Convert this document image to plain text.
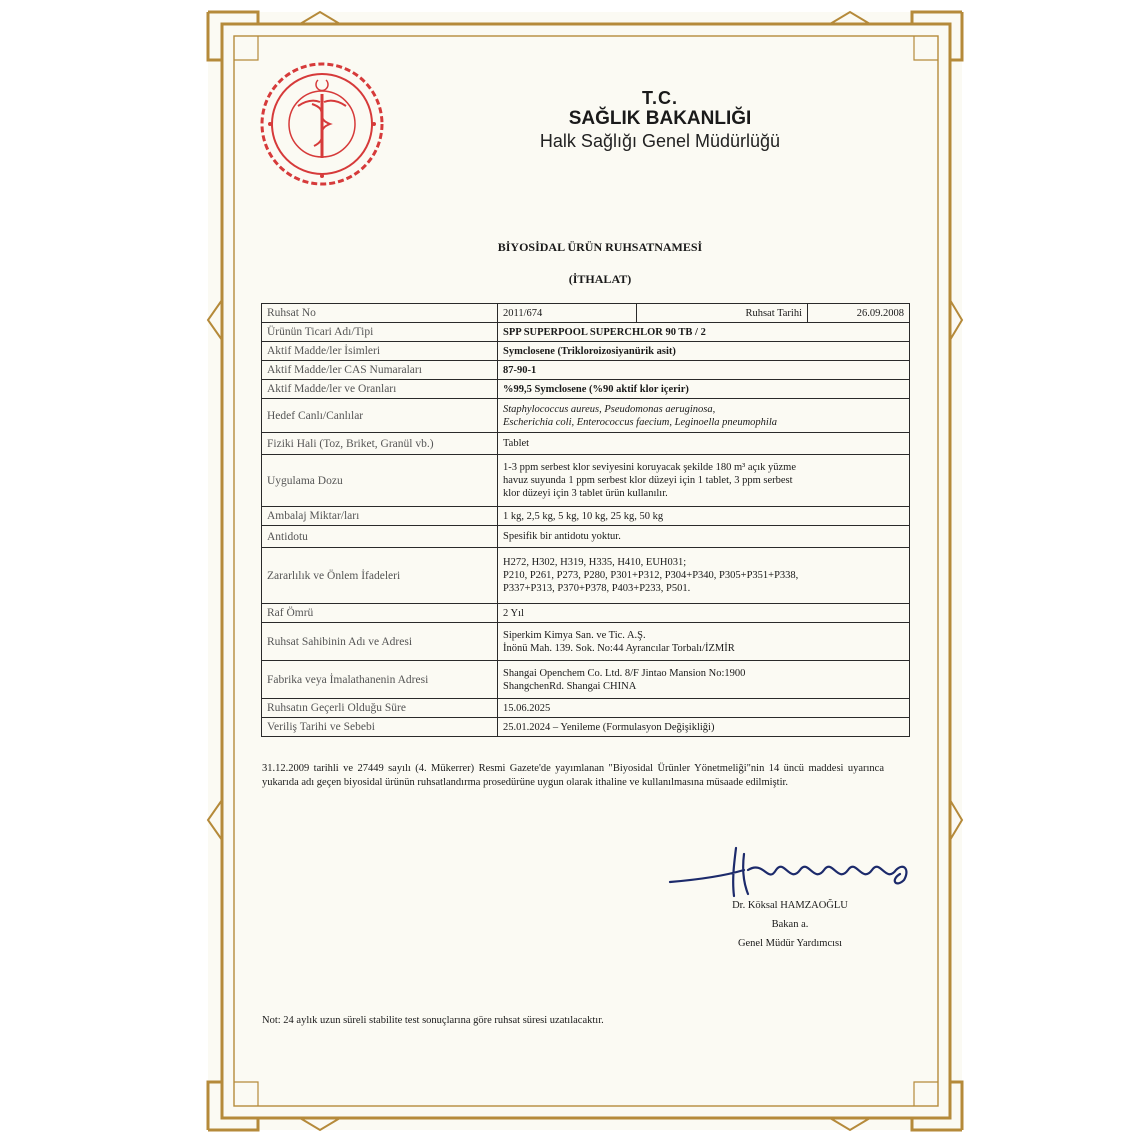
T.C.
SAĞLIK BAKANLIĞI
Halk Sağlığı Genel Müdürlüğü
BİYOSİDAL ÜRÜN RUHSATNAMESİ
(İTHALAT)
Ruhsat No	2011/674	Ruhsat Tarihi	26.09.2008
Ürünün Ticari Adı/Tipi	SPP SUPERPOOL SUPERCHLOR 90 TB / 2		
Aktif Madde/ler İsimleri	Symclosene (Trikloroizosiyanürik asit)		
Aktif Madde/ler CAS Numaraları	87-90-1		
Aktif Madde/ler ve Oranları	%99,5 Symclosene (%90 aktif klor içerir)		
Hedef Canlı/Canlılar	Staphylococcus aureus, Pseudomonas aeruginosa,
Escherichia coli, Enterococcus faecium, Leginoella pneumophila		

Fiziki Hali (Toz, Briket, Granül vb.)	Tablet		
Uygulama Dozu	1-3 ppm serbest klor seviyesini koruyacak şekilde 180 m³ açık yüzme
havuz suyunda 1 ppm serbest klor düzeyi için 1 tablet, 3 ppm serbest
klor düzeyi için 3 tablet ürün kullanılır.		

Ambalaj Miktar/ları	1 kg, 2,5 kg, 5 kg, 10 kg, 25 kg, 50 kg		
Antidotu	Spesifik bir antidotu yoktur.		
Zararlılık ve Önlem İfadeleri	H272, H302, H319, H335, H410, EUH031;
P210, P261, P273, P280, P301+P312, P304+P340, P305+P351+P338,
P337+P313, P370+P378, P403+P233, P501.		

Raf Ömrü	2 Yıl		
Ruhsat Sahibinin Adı ve Adresi	Siperkim Kimya San. ve Tic. A.Ş.
İnönü Mah. 139. Sok. No:44 Ayrancılar Torbalı/İZMİR		

Fabrika veya İmalathanenin Adresi	Shangai Openchem Co. Ltd. 8/F Jintao Mansion No:1900
ShangchenRd. Shangai CHINA		

Ruhsatın Geçerli Olduğu Süre	15.06.2025		
Veriliş Tarihi ve Sebebi	25.01.2024 – Yenileme (Formulasyon Değişikliği)		
31.12.2009 tarihli ve 27449 sayılı (4. Mükerrer) Resmi Gazete'de yayımlanan "Biyosidal Ürünler Yönetmeliği"nin 14 üncü maddesi uyarınca yukarıda adı geçen biyosidal ürünün ruhsatlandırma prosedürüne uygun olarak ithaline ve kullanılmasına müsaade edilmiştir.
Dr. Köksal HAMZAOĞLU
Bakan a.
Genel Müdür Yardımcısı
Not: 24 aylık uzun süreli stabilite test sonuçlarına göre ruhsat süresi uzatılacaktır.
